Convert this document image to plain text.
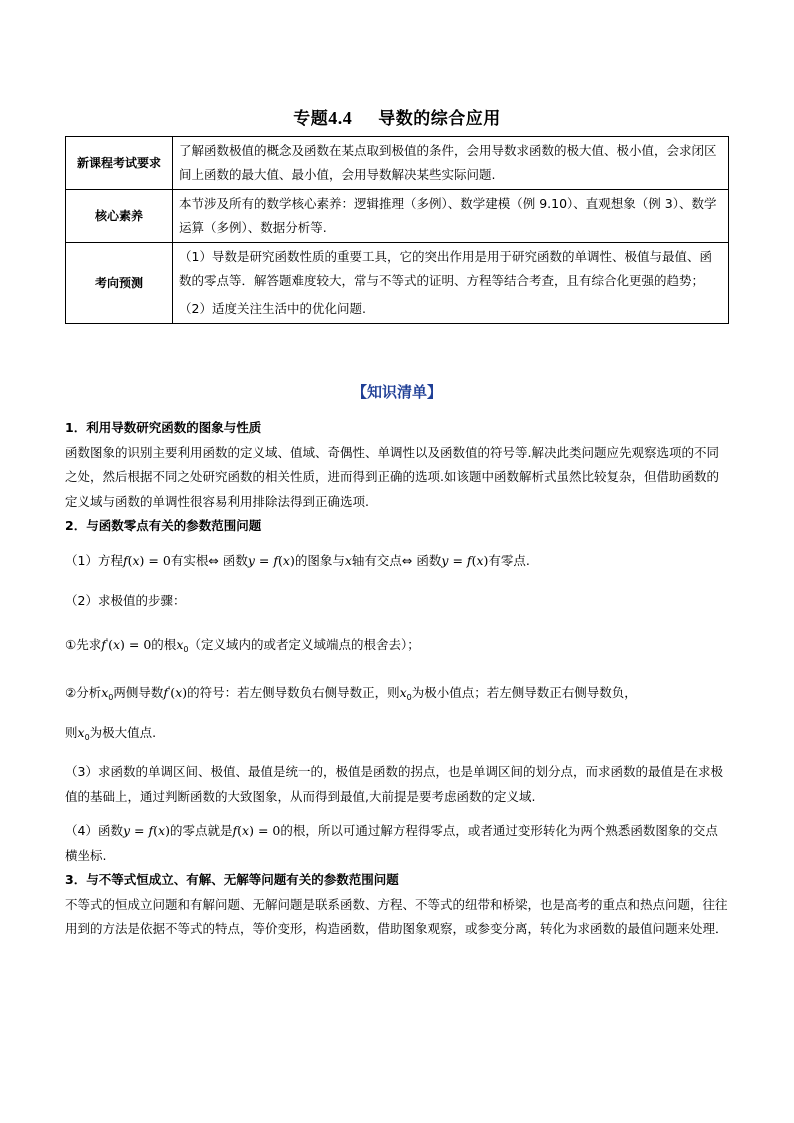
专题4.4 导数的综合应用
新课程考试要求	了解函数极值的概念及函数在某点取到极值的条件，会用导数求函数的极大值、极小值，会求闭区间上函数的最大值、最小值，会用导数解决某些实际问题.
核心素养	本节涉及所有的数学核心素养：逻辑推理（多例）、数学建模（例 9.10）、直观想象（例 3）、数学运算（多例）、数据分析等.
考向预测	（1）导数是研究函数性质的重要工具，它的突出作用是用于研究函数的单调性、极值与最值、函数的零点等．解答题难度较大，常与不等式的证明、方程等结合考查，且有综合化更强的趋势；
（2）适度关注生活中的优化问题.
【知识清单】

1．利用导数研究函数的图象与性质

函数图象的识别主要利用函数的定义域、值域、奇偶性、单调性以及函数值的符号等.解决此类问题应先观察选项的不同之处，然后根据不同之处研究函数的相关性质，进而得到正确的选项.如该题中函数解析式虽然比较复杂，但借助函数的定义域与函数的单调性很容易利用排除法得到正确选项.

2．与函数零点有关的参数范围问题

（1）方程f(x) = 0有实根⇔ 函数y = f(x)的图象与x轴有交点⇔ 函数y = f(x)有零点.

（2）求极值的步骤：

①先求f'(x) = 0的根$x_0$（定义域内的或者定义域端点的根舍去）；

②分析$x_0$两侧导数f'(x)的符号：若左侧导数负右侧导数正，则$x_0$为极小值点；若左侧导数正右侧导数负，

则$x_0$为极大值点.

（3）求函数的单调区间、极值、最值是统一的，极值是函数的拐点，也是单调区间的划分点，而求函数的最值是在求极值的基础上，通过判断函数的大致图象，从而得到最值,大前提是要考虑函数的定义域.

（4）函数y = f(x)的零点就是f(x) = 0的根，所以可通过解方程得零点，或者通过变形转化为两个熟悉函数图象的交点横坐标.

3．与不等式恒成立、有解、无解等问题有关的参数范围问题

不等式的恒成立问题和有解问题、无解问题是联系函数、方程、不等式的纽带和桥梁，也是高考的重点和热点问题，往往用到的方法是依据不等式的特点，等价变形，构造函数，借助图象观察，或参变分离，转化为求函数的最值问题来处理．
